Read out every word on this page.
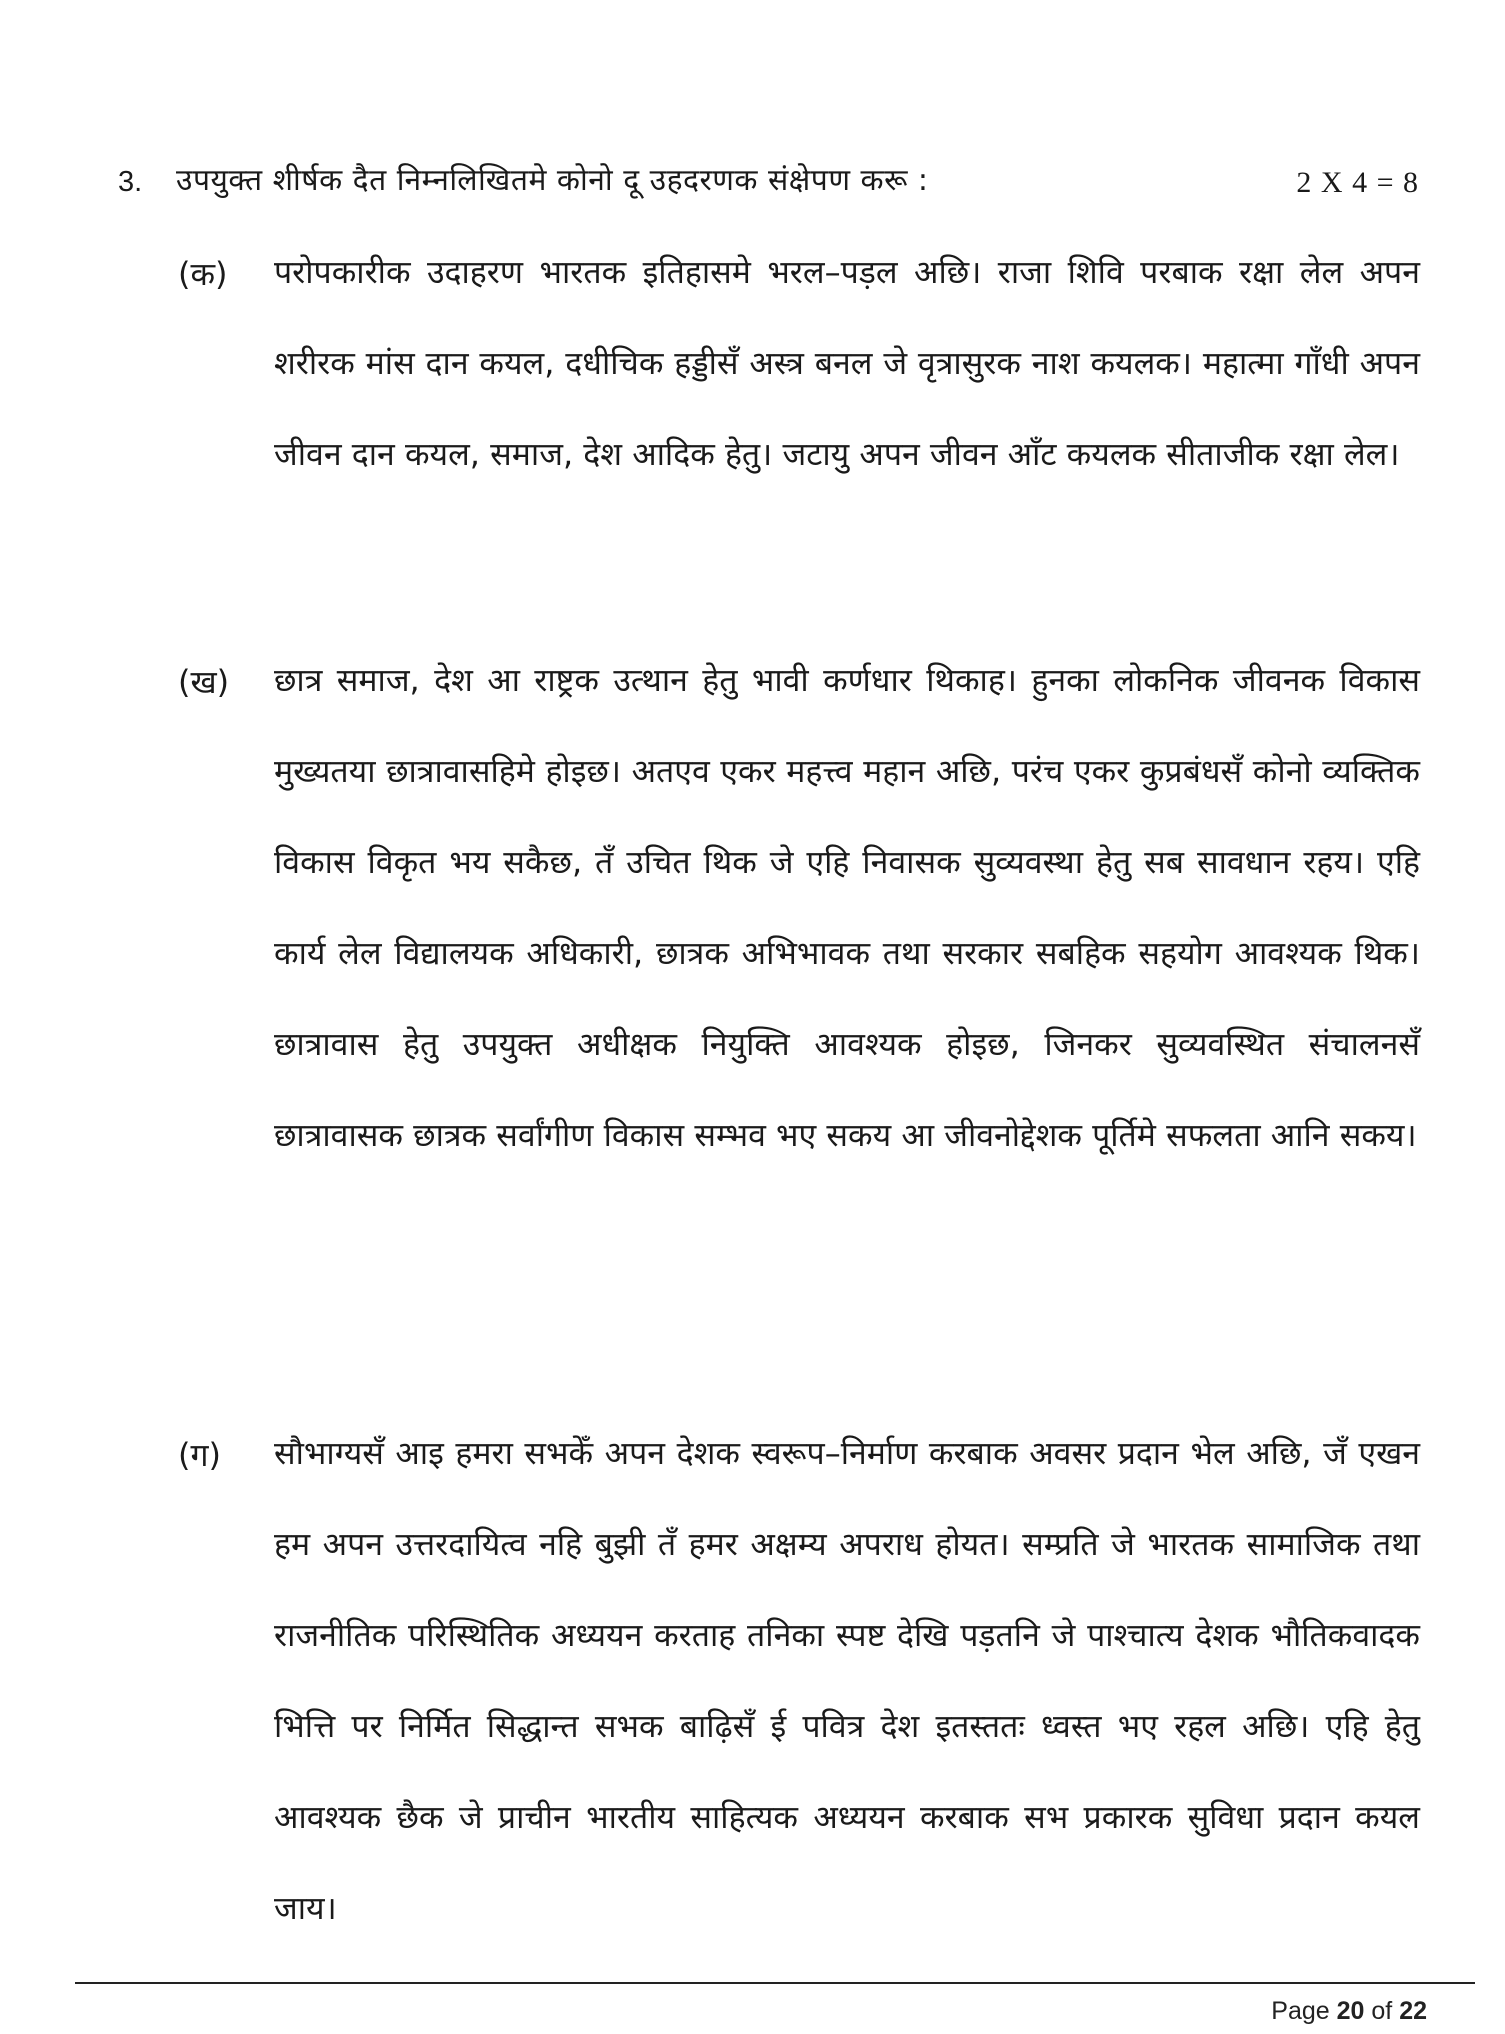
3. उपयुक्त शीर्षक दैत निम्नलिखितमे कोनो दू उहदरणक संक्षेपण करू :	2 X 4 = 8
(क) परोपकारीक उदाहरण भारतक इतिहासमे भरल–पड़ल अछि। राजा शिवि परबाक रक्षा लेल अपन शरीरक मांस दान कयल, दधीचिक हड्डीसँ अस्त्र बनल जे वृत्रासुरक नाश कयलक। महात्मा गाँधी अपन जीवन दान कयल, समाज, देश आदिक हेतु। जटायु अपन जीवन आँट कयलक सीताजीक रक्षा लेल।
(ख) छात्र समाज, देश आ राष्ट्रक उत्थान हेतु भावी कर्णधार थिकाह। हुनका लोकनिक जीवनक विकास मुख्यतया छात्रावासहिमे होइछ। अतएव एकर महत्त्व महान अछि, परंच एकर कुप्रबंधसँ कोनो व्यक्तिक विकास विकृत भय सकैछ, तँ उचित थिक जे एहि निवासक सुव्यवस्था हेतु सब सावधान रहय। एहि कार्य लेल विद्यालयक अधिकारी, छात्रक अभिभावक तथा सरकार सबहिक सहयोग आवश्यक थिक। छात्रावास हेतु उपयुक्त अधीक्षक नियुक्ति आवश्यक होइछ, जिनकर सुव्यवस्थित संचालनसँ छात्रावासक छात्रक सर्वांगीण विकास सम्भव भए सकय आ जीवनोद्देशक पूर्तिमे सफलता आनि सकय।
(ग) सौभाग्यसँ आइ हमरा सभकेँ अपन देशक स्वरूप–निर्माण करबाक अवसर प्रदान भेल अछि, जँ एखन हम अपन उत्तरदायित्व नहि बुझी तँ हमर अक्षम्य अपराध होयत। सम्प्रति जे भारतक सामाजिक तथा राजनीतिक परिस्थितिक अध्ययन करताह तनिका स्पष्ट देखि पड़तनि जे पाश्चात्य देशक भौतिकवादक भित्ति पर निर्मित सिद्धान्त सभक बाढ़िसँ ई पवित्र देश इतस्ततः ध्वस्त भए रहल अछि। एहि हेतु आवश्यक छैक जे प्राचीन भारतीय साहित्यक अध्ययन करबाक सभ प्रकारक सुविधा प्रदान कयल जाय।
Page 20 of 22
